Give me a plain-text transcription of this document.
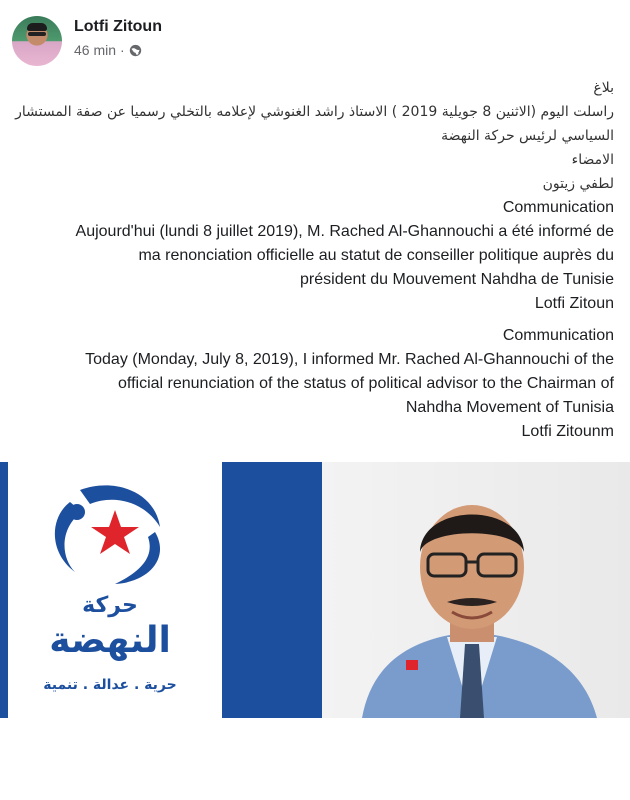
Lotfi Zitoun
46 min ·
بلاغ
راسلت اليوم (الاثنين 8 جويلية 2019 ) الاستاذ راشد الغنوشي لإعلامه بالتخلي رسميا عن صفة المستشار
السياسي لرئيس حركة النهضة
الامضاء
لطفي زيتون
Communication
Aujourd'hui (lundi 8 juillet 2019), M. Rached Al-Ghannouchi a été informé de
ma renonciation officielle au statut de conseiller politique auprès du
président du Mouvement Nahdha de Tunisie
Lotfi Zitoun
Communication
Today (Monday, July 8, 2019), I informed Mr. Rached Al-Ghannouchi of the
official renunciation of the status of political advisor to the Chairman of
Nahdha Movement of Tunisia
Lotfi Zitounm
حركة
النهضة
حرية . عدالة . تنمية
